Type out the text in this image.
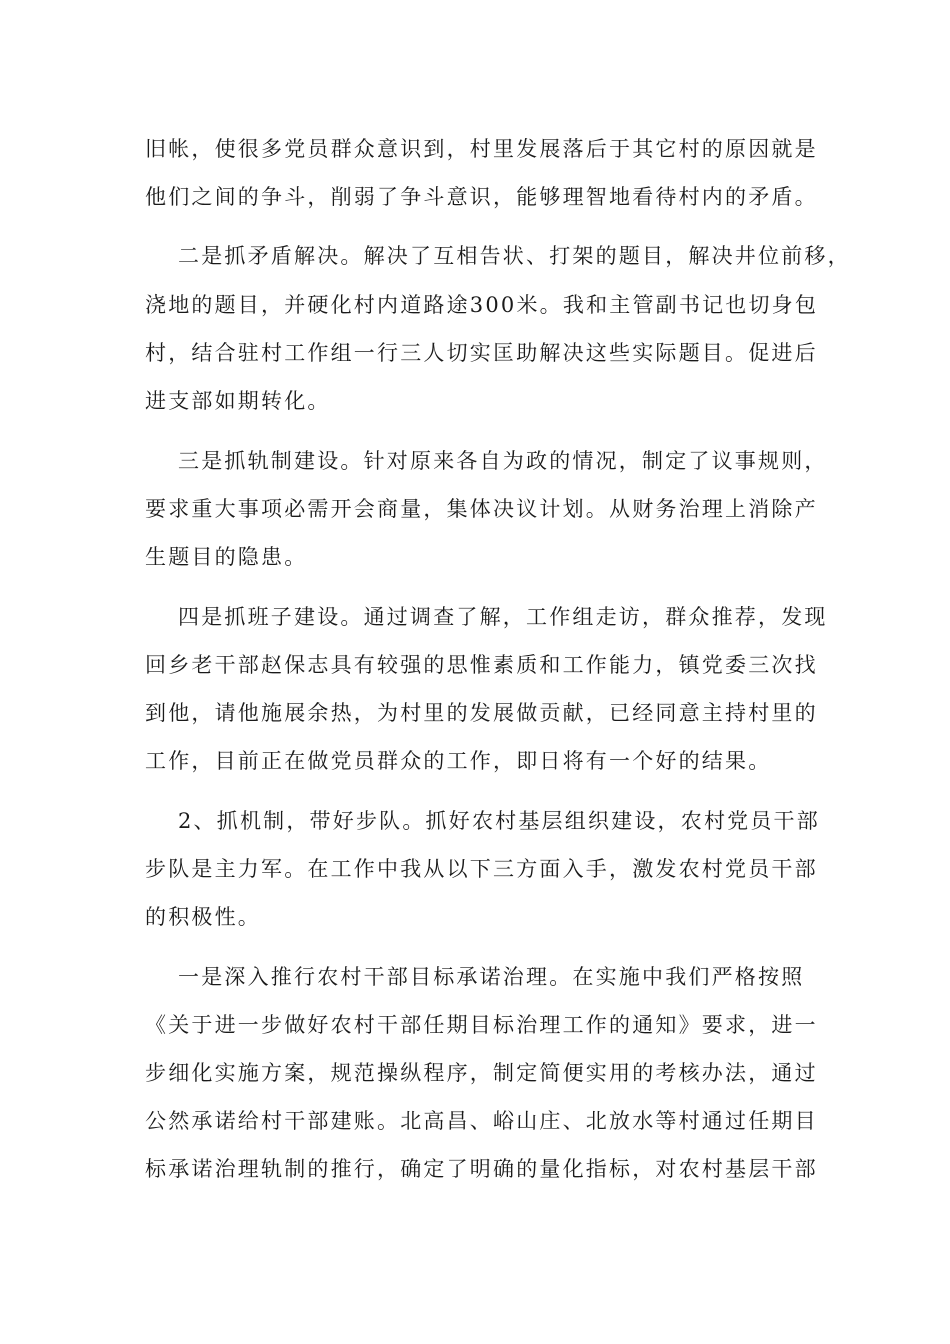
旧帐，使很多党员群众意识到，村里发展落后于其它村的原因就是

他们之间的争斗，削弱了争斗意识，能够理智地看待村内的矛盾。

二是抓矛盾解决。解决了互相告状、打架的题目，解决井位前移，

浇地的题目，并硬化村内道路途300米。我和主管副书记也切身包

村，结合驻村工作组一行三人切实匡助解决这些实际题目。促进后

进支部如期转化。

三是抓轨制建设。针对原来各自为政的情况，制定了议事规则，

要求重大事项必需开会商量，集体决议计划。从财务治理上消除产

生题目的隐患。

四是抓班子建设。通过调查了解，工作组走访，群众推荐，发现

回乡老干部赵保志具有较强的思惟素质和工作能力，镇党委三次找

到他，请他施展余热，为村里的发展做贡献，已经同意主持村里的

工作，目前正在做党员群众的工作，即日将有一个好的结果。

2、抓机制，带好步队。抓好农村基层组织建设，农村党员干部

步队是主力军。在工作中我从以下三方面入手，激发农村党员干部

的积极性。

一是深入推行农村干部目标承诺治理。在实施中我们严格按照

《关于进一步做好农村干部任期目标治理工作的通知》要求，进一

步细化实施方案，规范操纵程序，制定简便实用的考核办法，通过

公然承诺给村干部建账。北高昌、峪山庄、北放水等村通过任期目

标承诺治理轨制的推行，确定了明确的量化指标，对农村基层干部
